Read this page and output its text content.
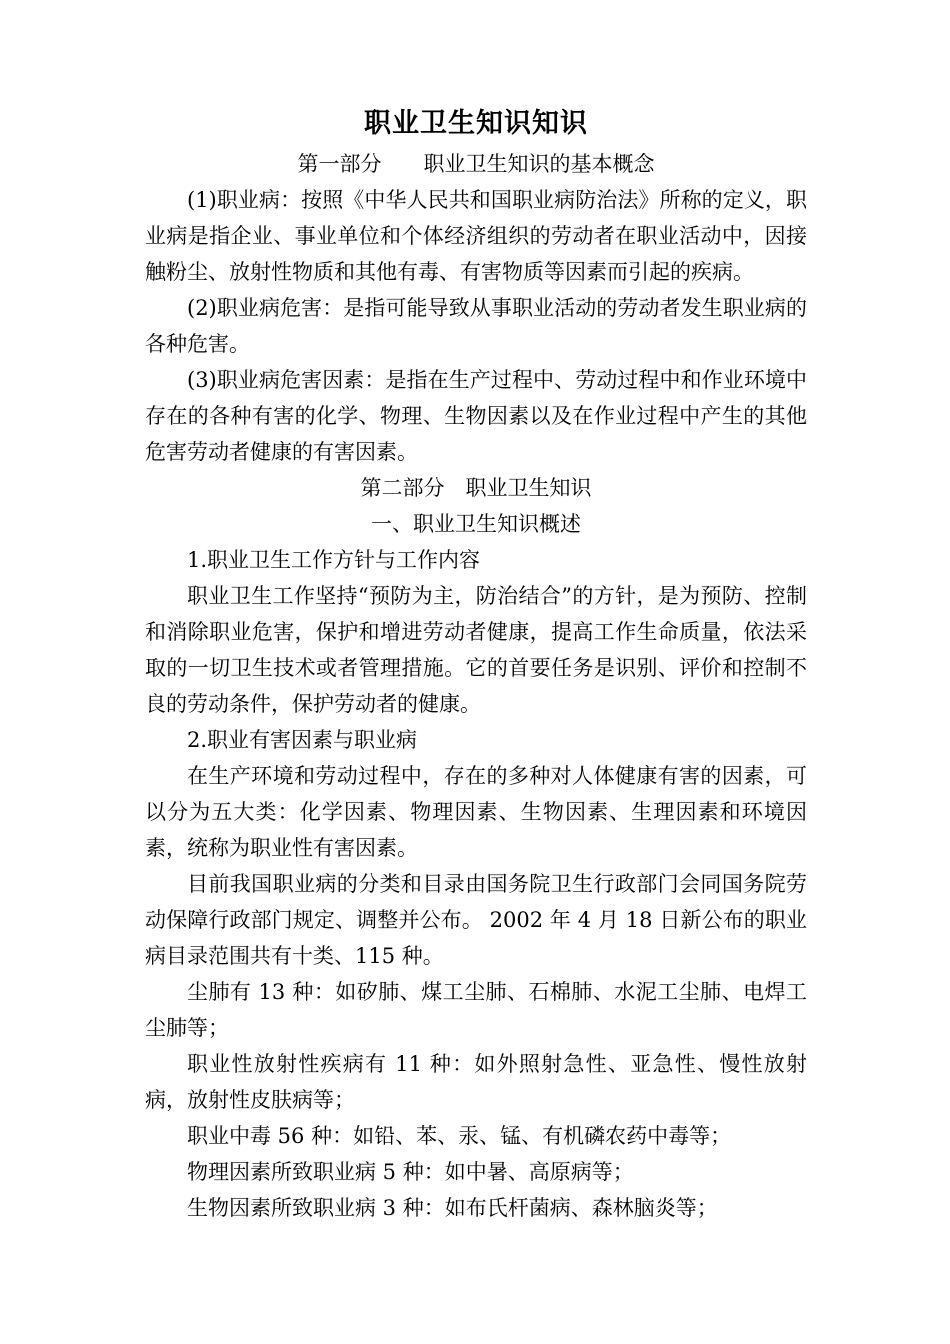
职业卫生知识知识
第一部分　　职业卫生知识的基本概念

(1)职业病：按照《中华人民共和国职业病防治法》所称的定义，职业病是指企业、事业单位和个体经济组织的劳动者在职业活动中，因接触粉尘、放射性物质和其他有毒、有害物质等因素而引起的疾病。

(2)职业病危害：是指可能导致从事职业活动的劳动者发生职业病的各种危害。

(3)职业病危害因素：是指在生产过程中、劳动过程中和作业环境中存在的各种有害的化学、物理、生物因素以及在作业过程中产生的其他危害劳动者健康的有害因素。

第二部分　职业卫生知识
一、职业卫生知识概述

1.职业卫生工作方针与工作内容

职业卫生工作坚持“预防为主，防治结合”的方针，是为预防、控制和消除职业危害，保护和增进劳动者健康，提高工作生命质量，依法采取的一切卫生技术或者管理措施。它的首要任务是识别、评价和控制不良的劳动条件，保护劳动者的健康。

2.职业有害因素与职业病

在生产环境和劳动过程中，存在的多种对人体健康有害的因素，可以分为五大类：化学因素、物理因素、生物因素、生理因素和环境因素，统称为职业性有害因素。

目前我国职业病的分类和目录由国务院卫生行政部门会同国务院劳动保障行政部门规定、调整并公布。 2002 年 4 月 18 日新公布的职业病目录范围共有十类、115 种。

尘肺有 13 种：如矽肺、煤工尘肺、石棉肺、水泥工尘肺、电焊工尘肺等；

职业性放射性疾病有 11 种：如外照射急性、亚急性、慢性放射病，放射性皮肤病等；

职业中毒 56 种：如铅、苯、汞、锰、有机磷农药中毒等；

物理因素所致职业病 5 种：如中暑、高原病等；

生物因素所致职业病 3 种：如布氏杆菌病、森林脑炎等；
